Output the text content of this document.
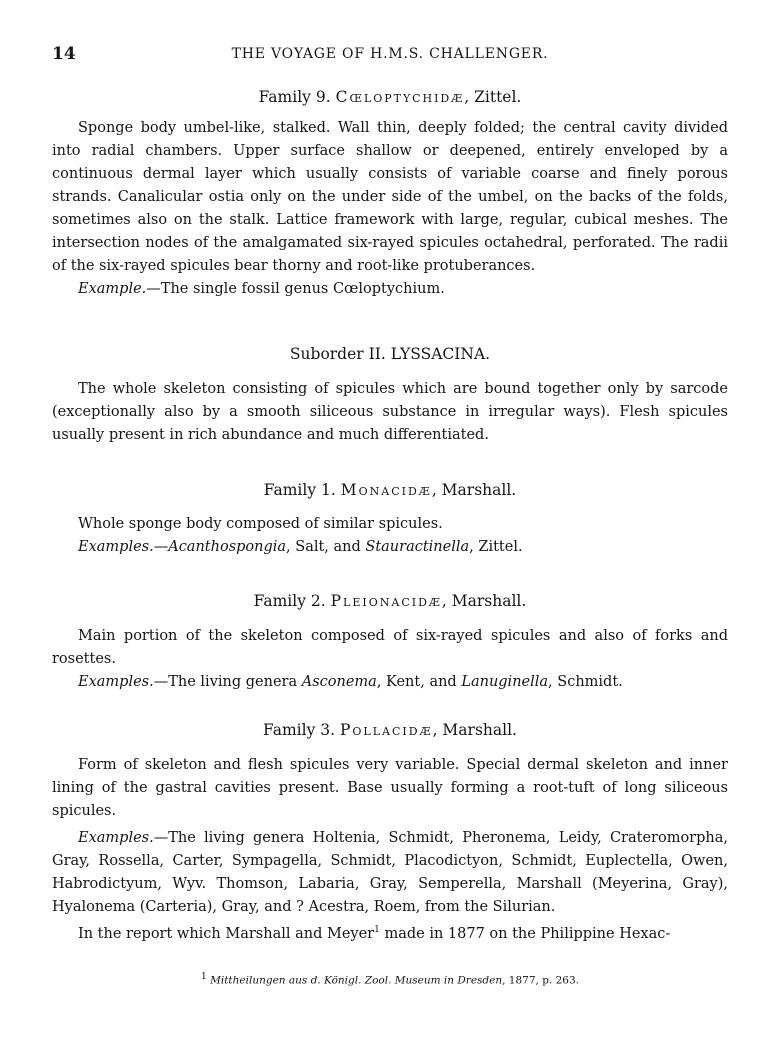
14	THE VOYAGE OF H.M.S. CHALLENGER.
Family 9. Cœloptychidæ, Zittel.

Sponge body umbel-like, stalked. Wall thin, deeply folded; the central cavity divided into radial chambers. Upper surface shallow or deepened, entirely enveloped by a continuous dermal layer which usually consists of variable coarse and finely porous strands. Canalicular ostia only on the under side of the umbel, on the backs of the folds, sometimes also on the stalk. Lattice framework with large, regular, cubical meshes. The intersection nodes of the amalgamated six-rayed spicules octahedral, perforated. The radii of the six-rayed spicules bear thorny and root-like protuberances.

Example.—The single fossil genus Cœloptychium.

Suborder II. LYSSACINA.

The whole skeleton consisting of spicules which are bound together only by sarcode (exceptionally also by a smooth siliceous substance in irregular ways). Flesh spicules usually present in rich abundance and much differentiated.

Family 1. Monacidæ, Marshall.

Whole sponge body composed of similar spicules.

Examples.—Acanthospongia, Salt, and Stauractinella, Zittel.

Family 2. Pleionacidæ, Marshall.

Main portion of the skeleton composed of six-rayed spicules and also of forks and rosettes.

Examples.—The living genera Asconema, Kent, and Lanuginella, Schmidt.

Family 3. Pollacidæ, Marshall.

Form of skeleton and flesh spicules very variable. Special dermal skeleton and inner lining of the gastral cavities present. Base usually forming a root-tuft of long siliceous spicules.

Examples.—The living genera Holtenia, Schmidt, Pheronema, Leidy, Crateromorpha, Gray, Rossella, Carter, Sympagella, Schmidt, Placodictyon, Schmidt, Euplectella, Owen, Habrodictyum, Wyv. Thomson, Labaria, Gray, Semperella, Marshall (Meyerina, Gray), Hyalonema (Carteria), Gray, and ? Acestra, Roem, from the Silurian.

In the report which Marshall and Meyer$^1$ made in 1877 on the Philippine Hexac-

$^1$ Mittheilungen aus d. Königl. Zool. Museum in Dresden, 1877, p. 263.
